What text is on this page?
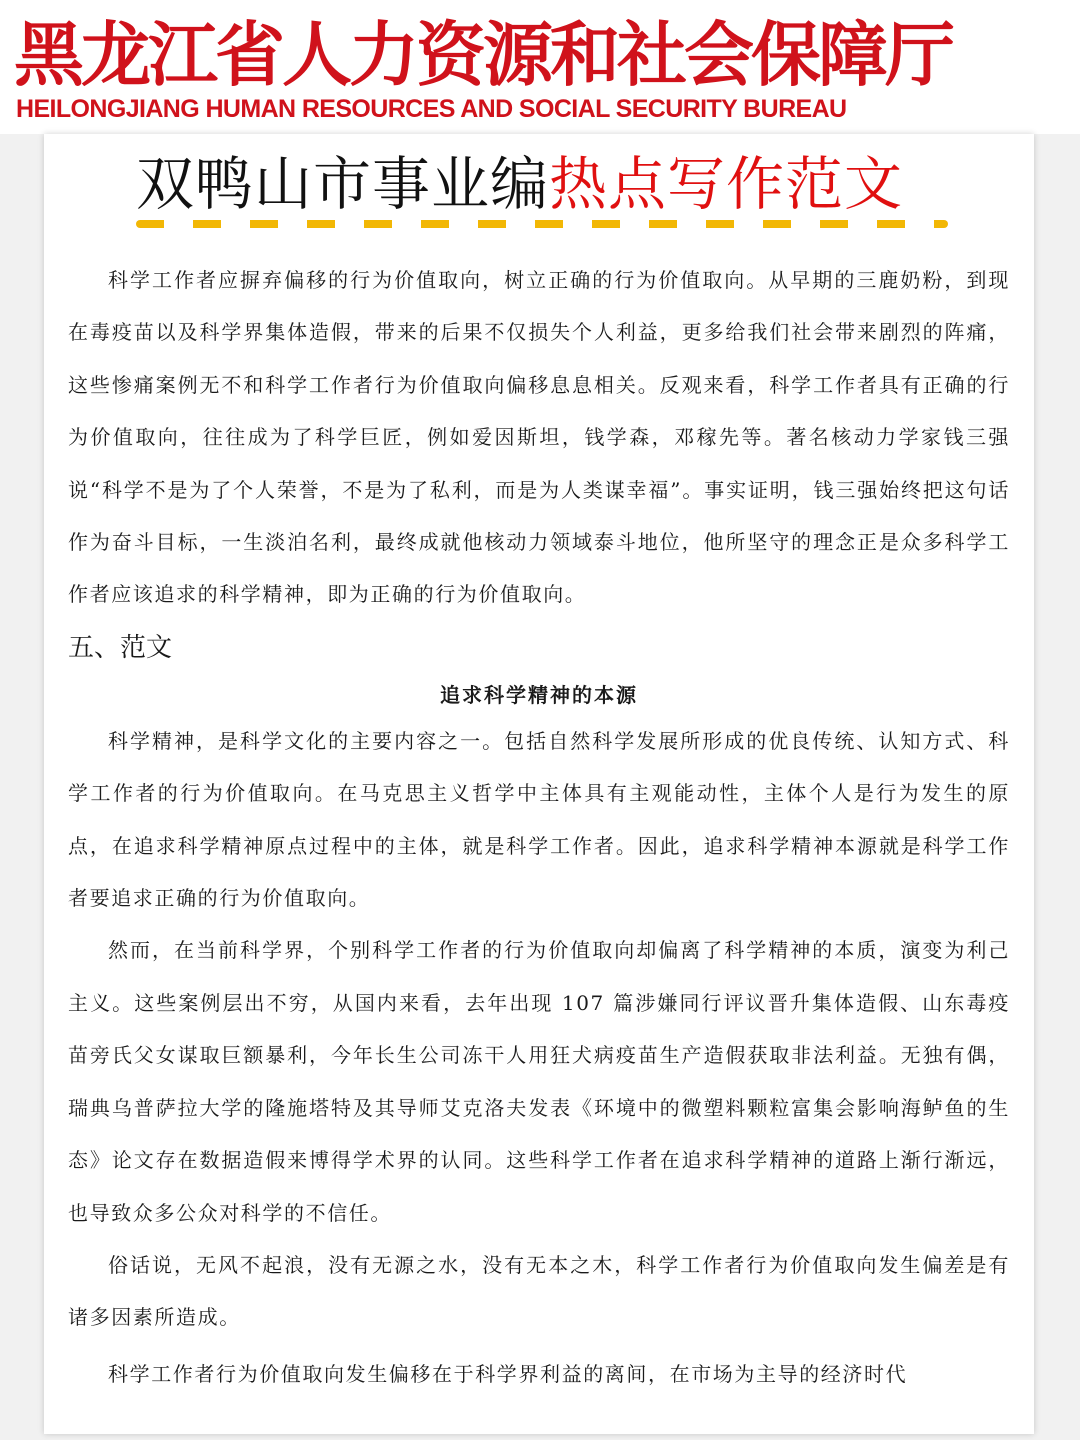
黑龙江省人力资源和社会保障厅
HEILONGJIANG HUMAN RESOURCES AND SOCIAL SECURITY BUREAU
双鸭山市事业编热点写作范文

科学工作者应摒弃偏移的行为价值取向，树立正确的行为价值取向。从早期的三鹿奶粉，到现在毒疫苗以及科学界集体造假，带来的后果不仅损失个人利益，更多给我们社会带来剧烈的阵痛，这些惨痛案例无不和科学工作者行为价值取向偏移息息相关。反观来看，科学工作者具有正确的行为价值取向，往往成为了科学巨匠，例如爱因斯坦，钱学森，邓稼先等。著名核动力学家钱三强说“科学不是为了个人荣誉，不是为了私利，而是为人类谋幸福”。事实证明，钱三强始终把这句话作为奋斗目标，一生淡泊名利，最终成就他核动力领域泰斗地位，他所坚守的理念正是众多科学工作者应该追求的科学精神，即为正确的行为价值取向。

五、范文
追求科学精神的本源

科学精神，是科学文化的主要内容之一。包括自然科学发展所形成的优良传统、认知方式、科学工作者的行为价值取向。在马克思主义哲学中主体具有主观能动性，主体个人是行为发生的原点，在追求科学精神原点过程中的主体，就是科学工作者。因此，追求科学精神本源就是科学工作者要追求正确的行为价值取向。

然而，在当前科学界，个别科学工作者的行为价值取向却偏离了科学精神的本质，演变为利己主义。这些案例层出不穷，从国内来看，去年出现 107 篇涉嫌同行评议晋升集体造假、山东毒疫苗旁氏父女谋取巨额暴利，今年长生公司冻干人用狂犬病疫苗生产造假获取非法利益。无独有偶，瑞典乌普萨拉大学的隆施塔特及其导师艾克洛夫发表《环境中的微塑料颗粒富集会影响海鲈鱼的生态》论文存在数据造假来博得学术界的认同。这些科学工作者在追求科学精神的道路上渐行渐远，也导致众多公众对科学的不信任。

俗话说，无风不起浪，没有无源之水，没有无本之木，科学工作者行为价值取向发生偏差是有诸多因素所造成。

科学工作者行为价值取向发生偏移在于科学界利益的离间，在市场为主导的经济时代
